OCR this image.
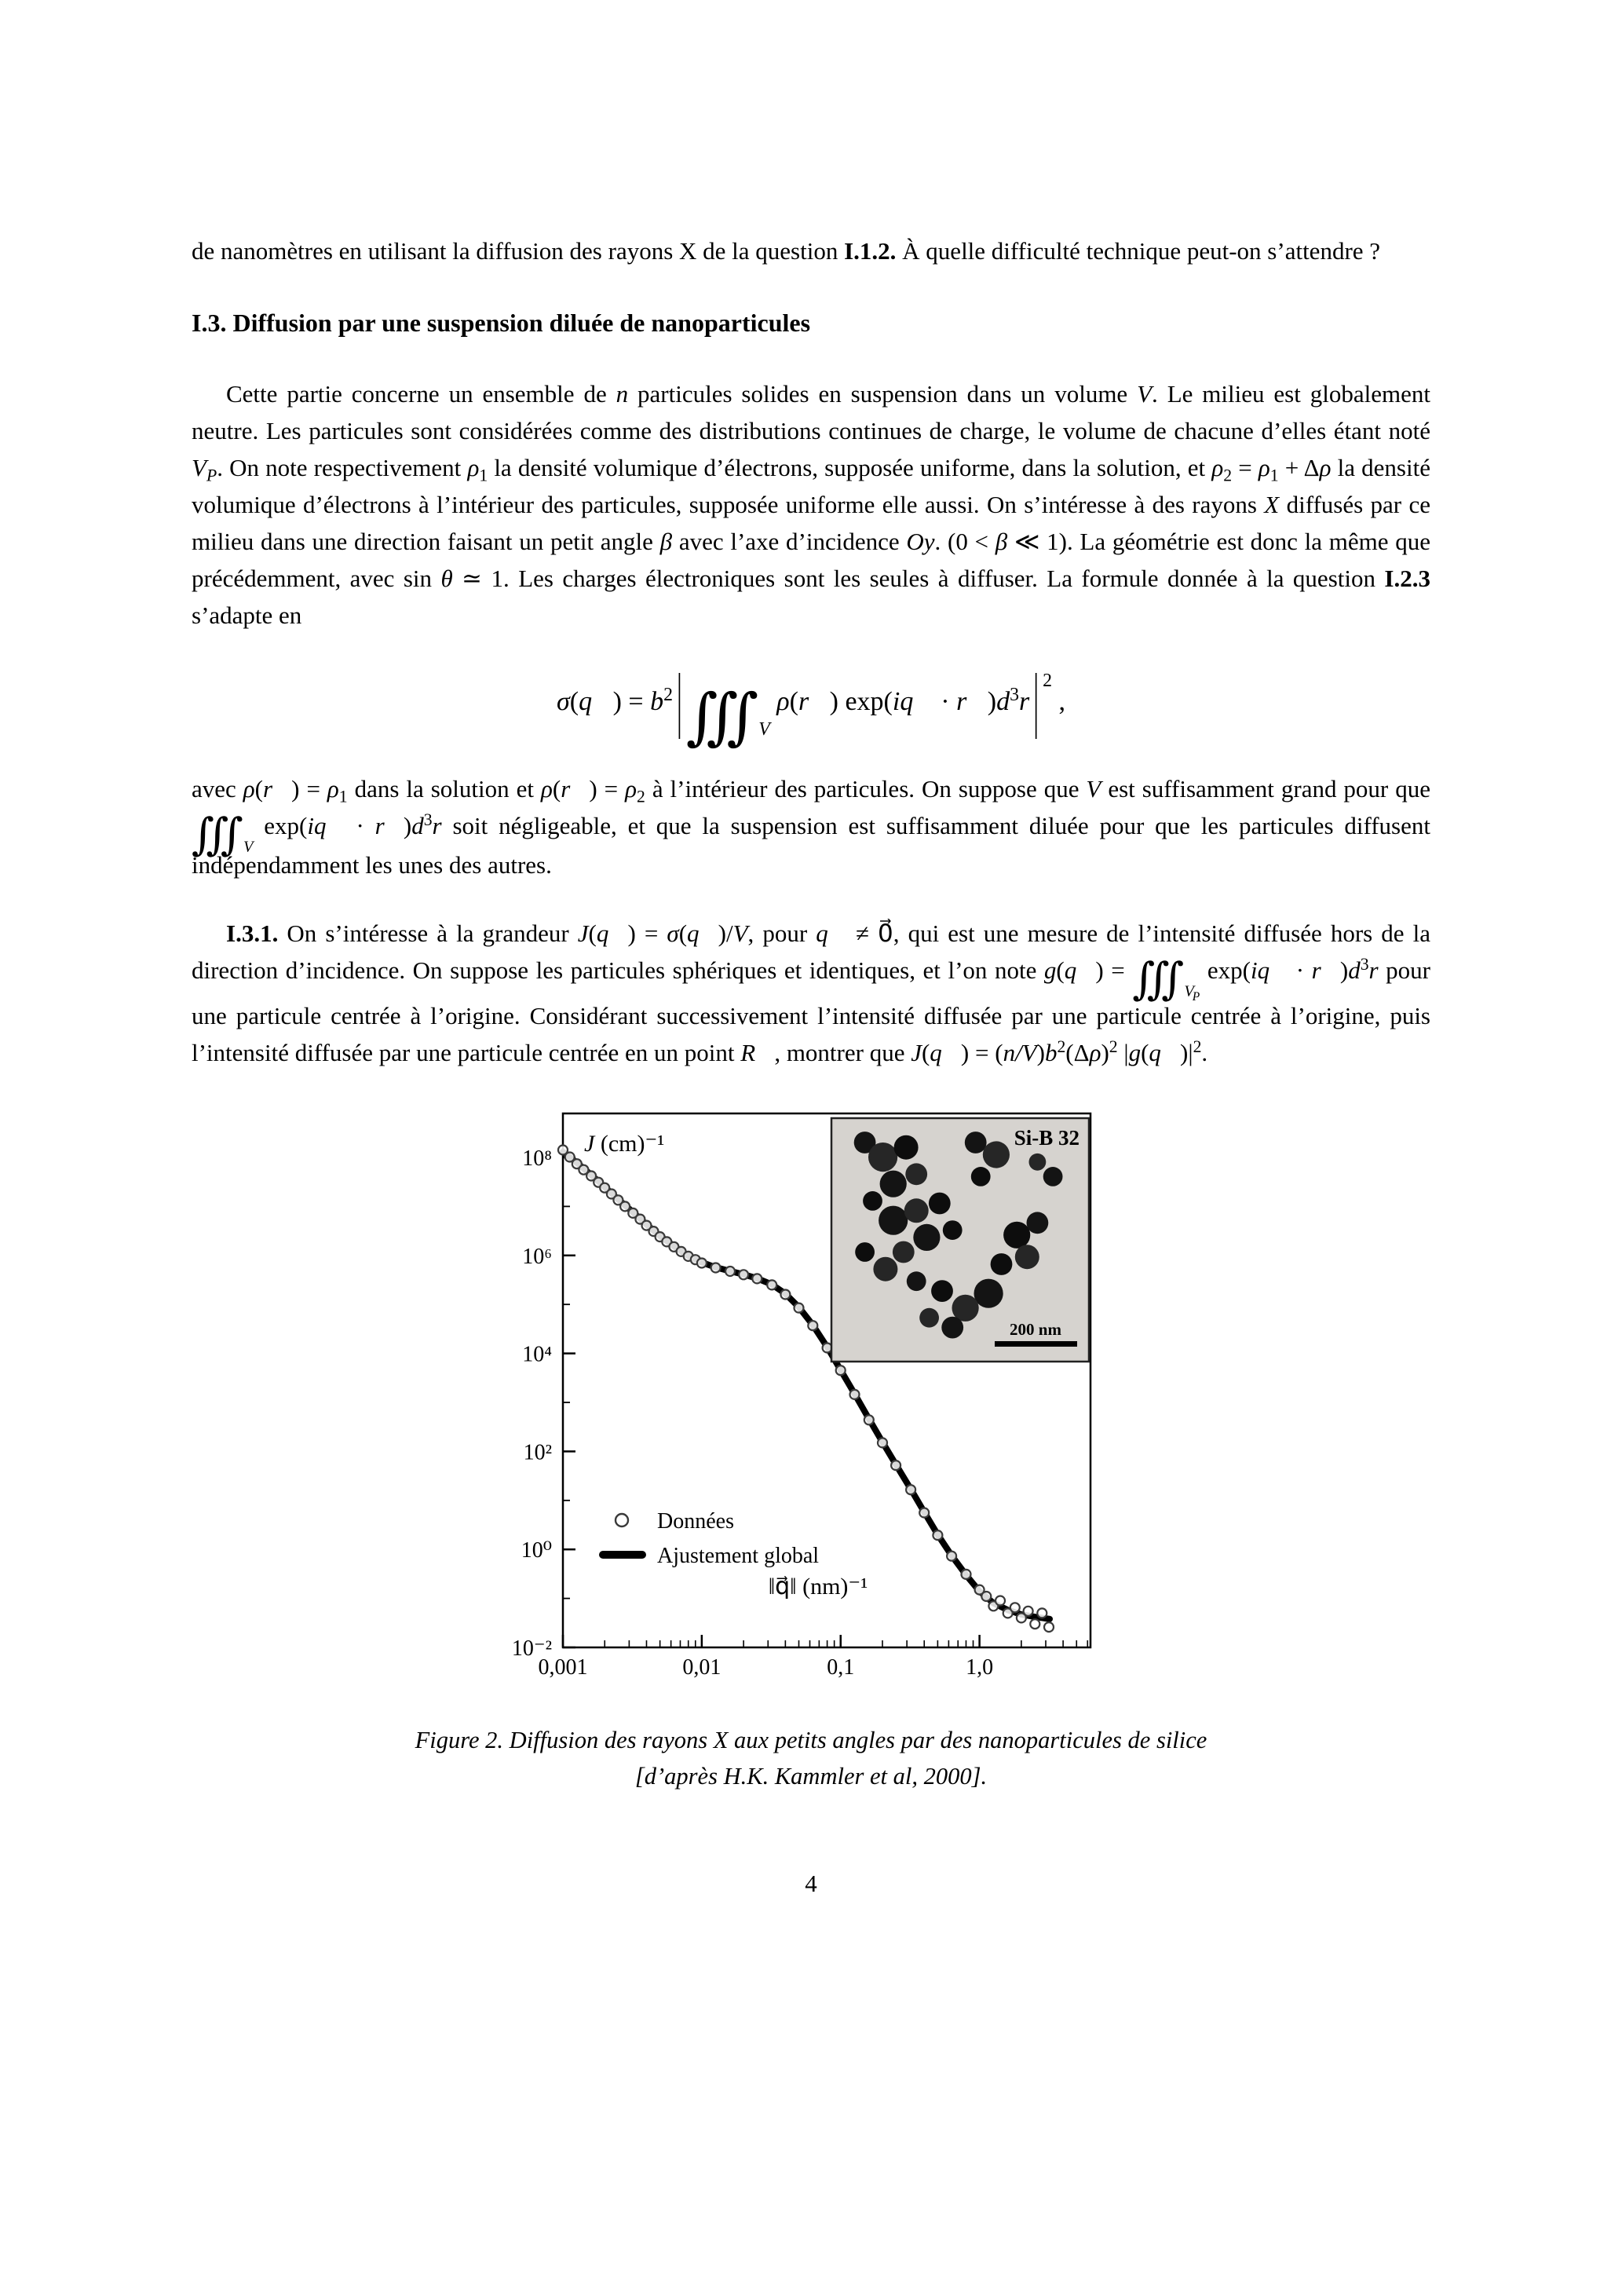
de nanomètres en utilisant la diffusion des rayons X de la question I.1.2. À quelle difficulté technique peut-on s’attendre ?

I.3. Diffusion par une suspension diluée de nanoparticules

Cette partie concerne un ensemble de n particules solides en suspension dans un volume V. Le milieu est globalement neutre. Les particules sont considérées comme des distributions continues de charge, le volume de chacune d’elles étant noté $V_P$. On note respectivement $\rho_1$ la densité volumique d’électrons, supposée uniforme, dans la solution, et $\rho_2 = \rho_1 + \Delta\rho$ la densité volumique d’électrons à l’intérieur des particules, supposée uniforme elle aussi. On s’intéresse à des rayons X diffusés par ce milieu dans une direction faisant un petit angle β avec l’axe d’incidence Oy. (0 < β ≪ 1). La géométrie est donc la même que précédemment, avec sin θ ≃ 1. Les charges électroniques sont les seules à diffuser. La formule donnée à la question I.2.3 s’adapte en

σ(q⃗) = $b^2$ $|∭_V$ ρ(r⃗) exp(iq⃗ · $r⃗)d^3r$ | $^2$ ,

avec ρ(r⃗) = $\rho_1$ dans la solution et ρ(r⃗) = $\rho_2$ à l’intérieur des particules. On suppose que V est suffisamment grand pour que $∭_V$ exp(iq⃗ · $r⃗)d^3r$ soit négligeable, et que la suspension est suffisamment diluée pour que les particules diffusent indépendamment les unes des autres.

I.3.1. On s’intéresse à la grandeur J(q⃗) = σ(q⃗)/V, pour q⃗ ≠ 0⃗, qui est une mesure de l’intensité diffusée hors de la direction d’incidence. On suppose les particules sphériques et identiques, et l’on note g(q⃗) = $∭_{VP}$ exp(iq⃗ · $r⃗)d^3r$ pour une particule centrée à l’origine. Considérant successivement l’intensité diffusée par une particule centrée à l’origine, puis l’intensité diffusée par une particule centrée en un point R⃗, montrer que J(q⃗) = $(n/V)b^2(\Delta\rho)^2$ $|g(q⃗)|^2$.

10⁻²
10⁰
10²
10⁴
10⁶
10⁸
0,001	0,01	0,1	1,0
Données
Ajustement global
J (cm)⁻¹
‖q⃗‖ (nm)⁻¹
Si-B 32
200 nm
Figure 2. Diffusion des rayons X aux petits angles par des nanoparticules de silice
[d’après H.K. Kammler et al, 2000].
4
